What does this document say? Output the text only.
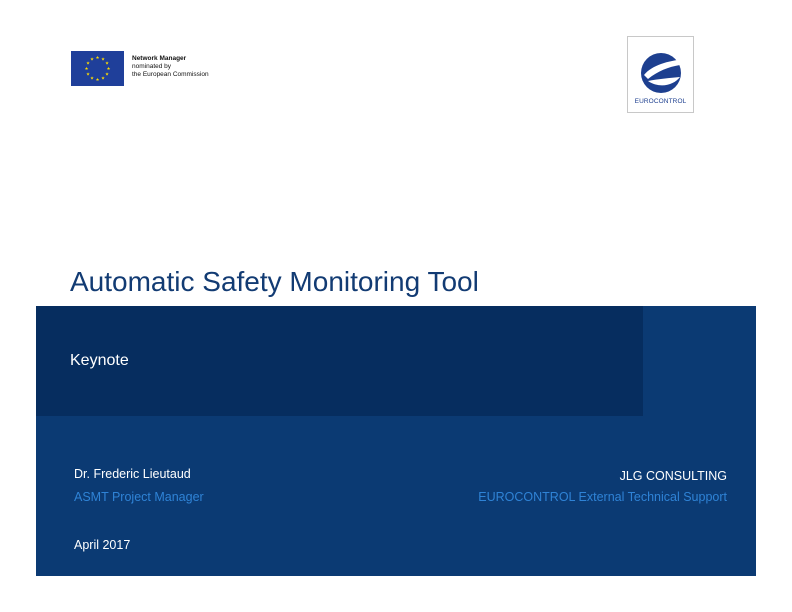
★ ★
★
★
★
★
★
★
★
★
★
★	Network Manager
nominated by
the European Commission
EUROCONTROL
Automatic Safety Monitoring Tool
Keynote
Dr. Frederic Lieutaud
ASMT Project Manager
April 2017
JLG CONSULTING
EUROCONTROL External Technical Support
